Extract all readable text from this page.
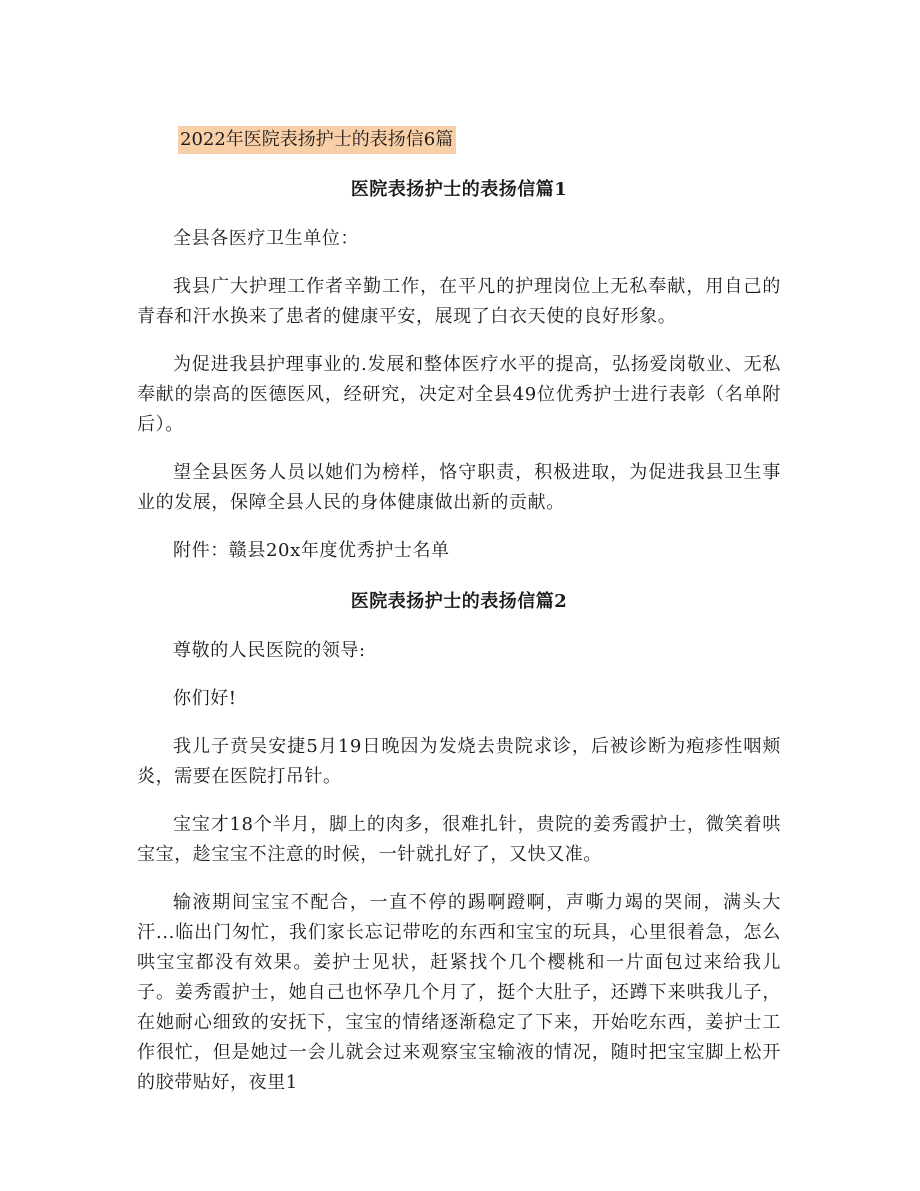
2022年医院表扬护士的表扬信6篇
医院表扬护士的表扬信篇1

全县各医疗卫生单位：

我县广大护理工作者辛勤工作，在平凡的护理岗位上无私奉献，用自己的青春和汗水换来了患者的健康平安，展现了白衣天使的良好形象。

为促进我县护理事业的.发展和整体医疗水平的提高，弘扬爱岗敬业、无私奉献的崇高的医德医风，经研究，决定对全县49位优秀护士进行表彰（名单附后）。

望全县医务人员以她们为榜样，恪守职责，积极进取，为促进我县卫生事业的发展，保障全县人民的身体健康做出新的贡献。

附件：赣县20x年度优秀护士名单

医院表扬护士的表扬信篇2

尊敬的人民医院的领导:

你们好!

我儿子贲吴安捷5月19日晚因为发烧去贵院求诊，后被诊断为疱疹性咽颊炎，需要在医院打吊针。

宝宝才18个半月，脚上的肉多，很难扎针，贵院的姜秀霞护士，微笑着哄宝宝，趁宝宝不注意的时候，一针就扎好了，又快又准。

输液期间宝宝不配合，一直不停的踢啊蹬啊，声嘶力竭的哭闹，满头大汗...临出门匆忙，我们家长忘记带吃的东西和宝宝的玩具，心里很着急，怎么哄宝宝都没有效果。姜护士见状，赶紧找个几个樱桃和一片面包过来给我儿子。姜秀霞护士，她自己也怀孕几个月了，挺个大肚子，还蹲下来哄我儿子，在她耐心细致的安抚下，宝宝的情绪逐渐稳定了下来，开始吃东西，姜护士工作很忙，但是她过一会儿就会过来观察宝宝输液的情况，随时把宝宝脚上松开的胶带贴好，夜里1
